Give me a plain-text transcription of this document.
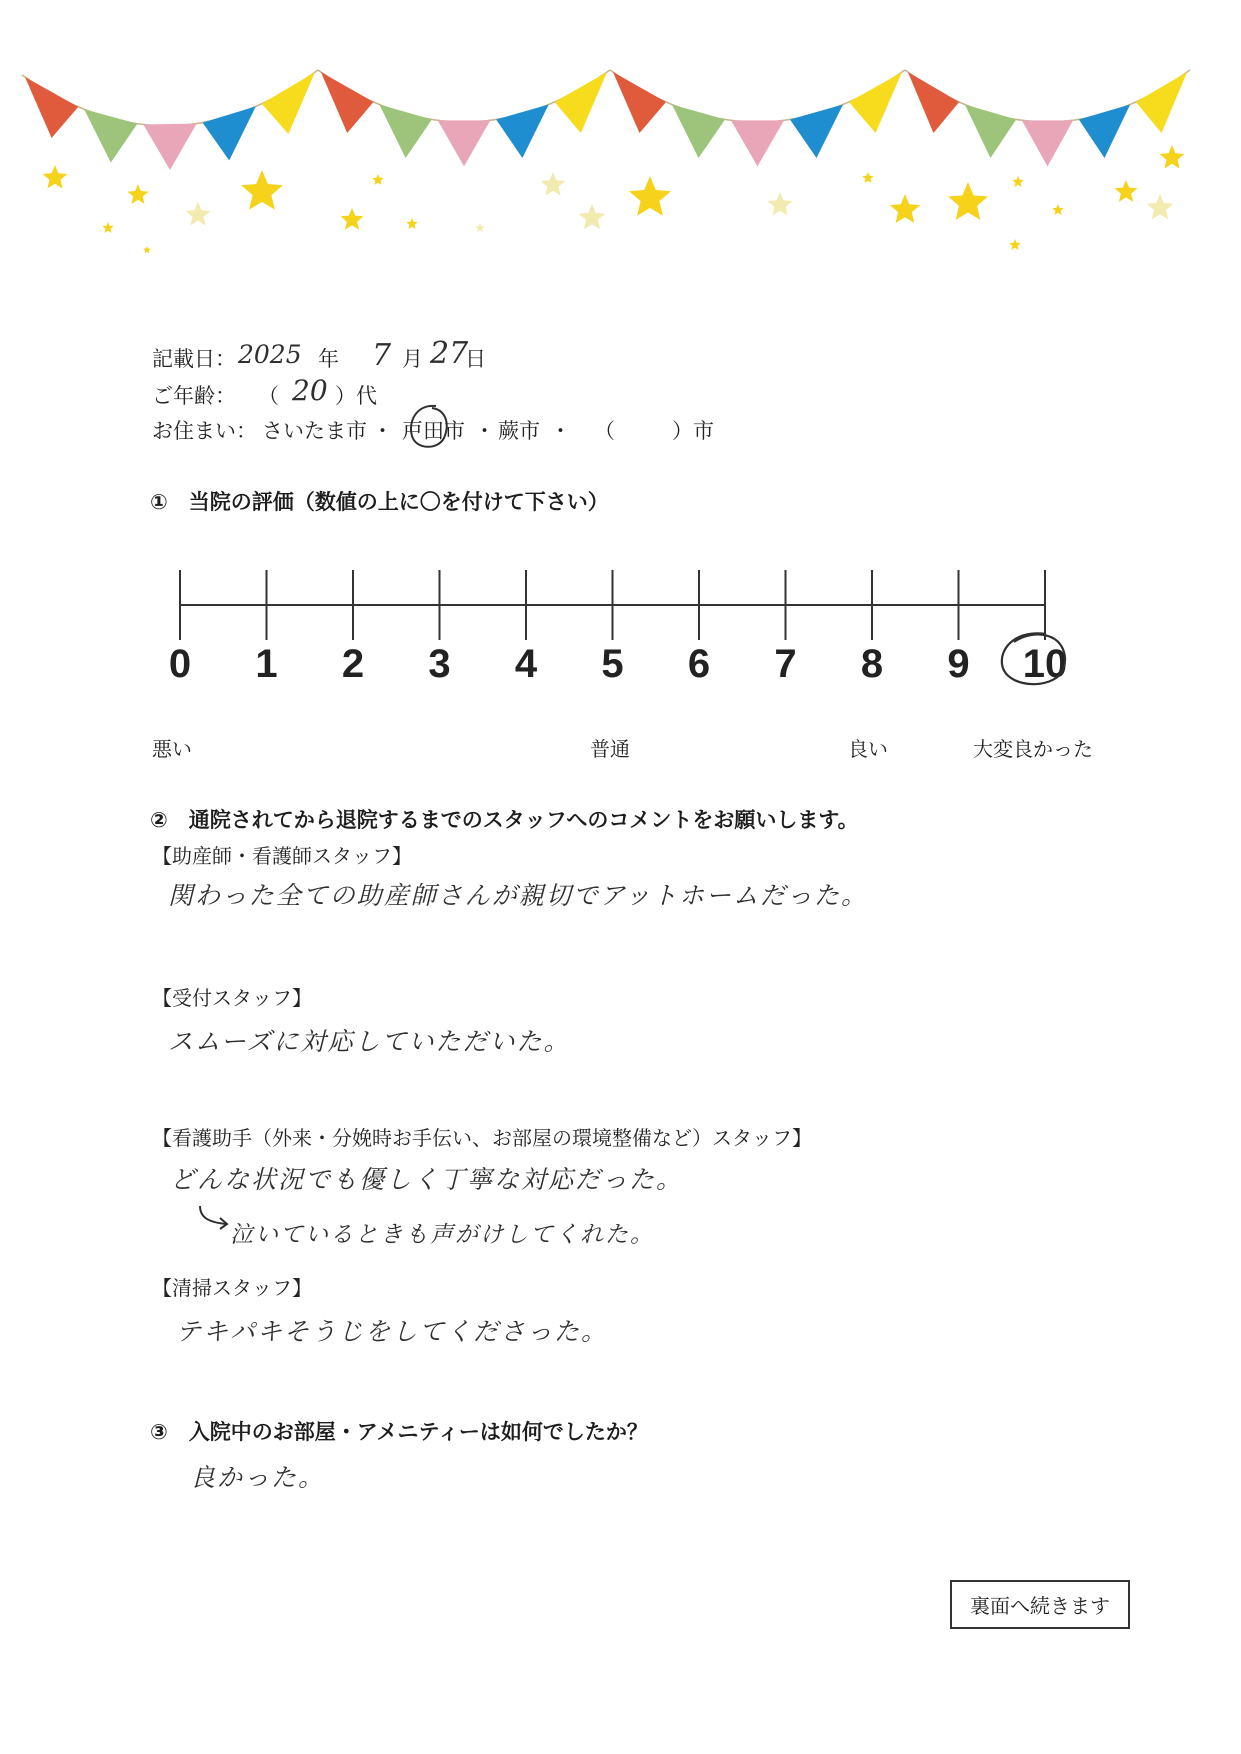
記載日： 2025 年 7 月 27
日
ご年齢： （ 20 ）代
お住まい： さいたま市 ・ 戸田市 ・ 蕨市 ・ （	）市
①　当院の評価（数値の上に〇を付けて下さい）
0	1	2	3	4	5	6	7	8	9	10
悪い	普通	良い	大変良かった
②　通院されてから退院するまでのスタッフへのコメントをお願いします。
【助産師・看護師スタッフ】
関わった全ての助産師さんが親切でアットホームだった。
【受付スタッフ】
スムーズに対応していただいた。
【看護助手（外来・分娩時お手伝い、お部屋の環境整備など）スタッフ】
どんな状況でも優しく丁寧な対応だった。
泣いているときも声がけしてくれた。
【清掃スタッフ】
テキパキそうじをしてくださった。
③　入院中のお部屋・アメニティーは如何でしたか？
良かった。
裏面へ続きます
